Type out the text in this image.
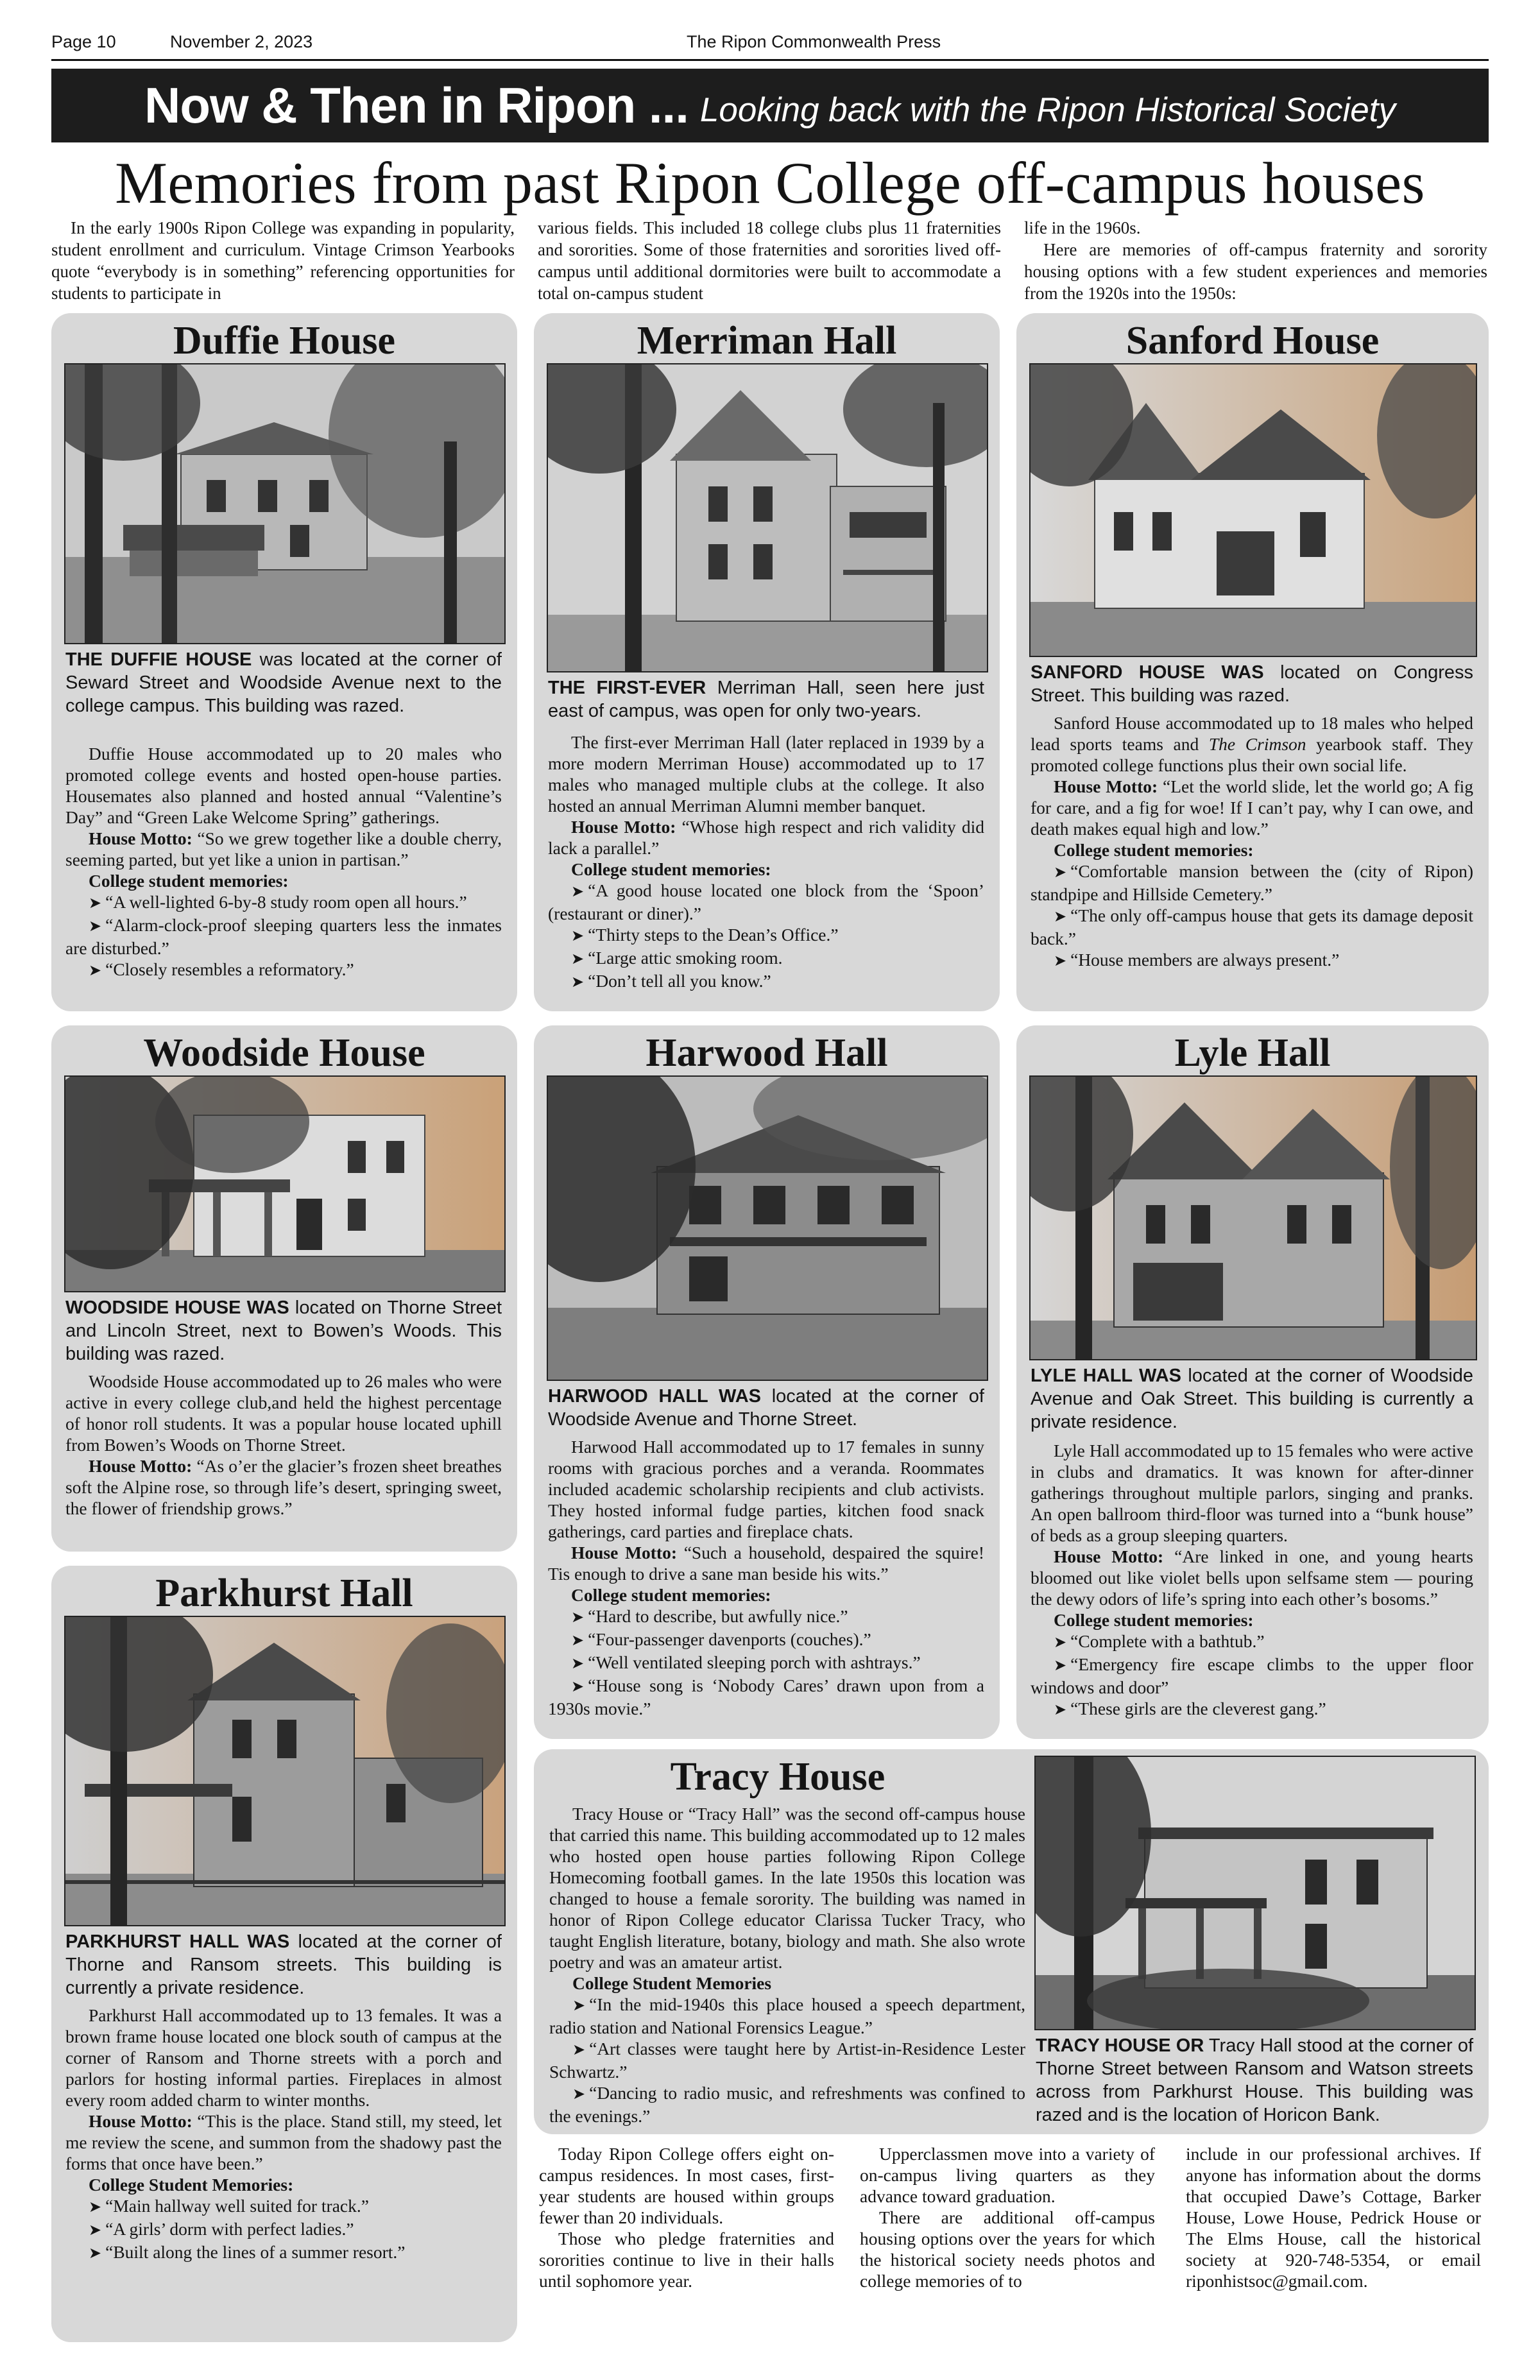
Page 10	November 2, 2023	The Ripon Commonwealth Press
Now & Then in Ripon ... Looking back with the Ripon Historical Society
Memories from past Ripon College off-campus houses

In the early 1900s Ripon College was expanding in popularity, student enrollment and curriculum. Vintage Crimson Yearbooks quote “everybody is in something” referencing opportunities for students to participate in

various fields. This included 18 college clubs plus 11 fraternities and sororities. Some of those fraternities and sororities lived off-campus until additional dormitories were built to accommodate a total on-campus student

life in the 1960s.

Here are memories of off-campus fraternity and sorority housing options with a few student experiences and memories from the 1920s into the 1950s:

Duffie House
THE DUFFIE HOUSE was located at the corner of Seward Street and Woodside Avenue next to the college campus. This building was razed.

Duffie House accommodated up to 20 males who promoted college events and hosted open-house parties. Housemates also planned and hosted annual “Valentine’s Day” and “Green Lake Welcome Spring” gatherings.

House Motto: “So we grew together like a double cherry, seeming parted, but yet like a union in partisan.”

College student memories:

➤ “A well-lighted 6-by-8 study room open all hours.”

➤ “Alarm-clock-proof sleeping quarters less the inmates are disturbed.”

➤ “Closely resembles a reformatory.”

Merriman Hall
THE FIRST-EVER Merriman Hall, seen here just east of campus, was open for only two-years.

The first-ever Merriman Hall (later replaced in 1939 by a more modern Merriman House) accommodated up to 17 males who managed multiple clubs at the college. It also hosted an annual Merriman Alumni member banquet.

House Motto: “Whose high respect and rich validity did lack a parallel.”

College student memories:

➤ “A good house located one block from the ‘Spoon’ (restaurant or diner).”

➤ “Thirty steps to the Dean’s Office.”

➤ “Large attic smoking room.

➤ “Don’t tell all you know.”

Sanford House
SANFORD HOUSE WAS located on Congress Street. This building was razed.

Sanford House accommodated up to 18 males who helped lead sports teams and The Crimson yearbook staff. They promoted college functions plus their own social life.

House Motto: “Let the world slide, let the world go; A fig for care, and a fig for woe! If I can’t pay, why I can owe, and death makes equal high and low.”

College student memories:

➤ “Comfortable mansion between the (city of Ripon) standpipe and Hillside Cemetery.”

➤ “The only off-campus house that gets its damage deposit back.”

➤ “House members are always present.”

Woodside House
WOODSIDE HOUSE WAS located on Thorne Street and Lincoln Street, next to Bowen’s Woods. This building was razed.

Woodside House accommodated up to 26 males who were active in every college club,and held the highest percentage of honor roll students. It was a popular house located uphill from Bowen’s Woods on Thorne Street.

House Motto: “As o’er the glacier’s frozen sheet breathes soft the Alpine rose, so through life’s desert, springing sweet, the flower of friendship grows.”

Harwood Hall
HARWOOD HALL WAS located at the corner of Woodside Avenue and Thorne Street.

Harwood Hall accommodated up to 17 females in sunny rooms with gracious porches and a veranda. Roommates included academic scholarship recipients and club activists. They hosted informal fudge parties, kitchen food snack gatherings, card parties and fireplace chats.

House Motto: “Such a household, despaired the squire! Tis enough to drive a sane man beside his wits.”

College student memories:

➤ “Hard to describe, but awfully nice.”

➤ “Four-passenger davenports (couches).”

➤ “Well ventilated sleeping porch with ashtrays.”

➤ “House song is ‘Nobody Cares’ drawn upon from a 1930s movie.”

Lyle Hall
LYLE HALL WAS located at the corner of Woodside Avenue and Oak Street. This building is currently a private residence.

Lyle Hall accommodated up to 15 females who were active in clubs and dramatics. It was known for after-dinner gatherings throughout multiple parlors, singing and pranks. An open ballroom third-floor was turned into a “bunk house” of beds as a group sleeping quarters.

House Motto: “Are linked in one, and young hearts bloomed out like violet bells upon selfsame stem — pouring the dewy odors of life’s spring into each other’s bosoms.”

College student memories:

➤ “Complete with a bathtub.”

➤ “Emergency fire escape climbs to the upper floor windows and door”

➤ “These girls are the cleverest gang.”

Parkhurst Hall
PARKHURST HALL WAS located at the corner of Thorne and Ransom streets. This building is currently a private residence.

Parkhurst Hall accommodated up to 13 females. It was a brown frame house located one block south of campus at the corner of Ransom and Thorne streets with a porch and parlors for hosting informal parties. Fireplaces in almost every room added charm to winter months.

House Motto: “This is the place. Stand still, my steed, let me review the scene, and summon from the shadowy past the forms that once have been.”

College Student Memories:

➤ “Main hallway well suited for track.”

➤ “A girls’ dorm with perfect ladies.”

➤ “Built along the lines of a summer resort.”

Tracy House

Tracy House or “Tracy Hall” was the second off-campus house that carried this name. This building accommodated up to 12 males who hosted open house parties following Ripon College Homecoming football games. In the late 1950s this location was changed to house a female sorority. The building was named in honor of Ripon College educator Clarissa Tucker Tracy, who taught English literature, botany, biology and math. She also wrote poetry and was an amateur artist.

College Student Memories

➤ “In the mid-1940s this place housed a speech department, radio station and National Forensics League.”

➤ “Art classes were taught here by Artist-in-Residence Lester Schwartz.”

➤ “Dancing to radio music, and refreshments was confined to the evenings.”

TRACY HOUSE OR Tracy Hall stood at the corner of Thorne Street between Ransom and Watson streets across from Parkhurst House. This building was razed and is the location of Horicon Bank.

Today Ripon College offers eight on-campus residences. In most cases, first-year students are housed within groups fewer than 20 individuals.

Those who pledge fraternities and sororities continue to live in their halls until sophomore year.

Upperclassmen move into a variety of on-campus living quarters as they advance toward graduation.

There are additional off-campus housing options over the years for which the historical society needs photos and college memories of to

include in our professional archives. If anyone has information about the dorms that occupied Dawe’s Cottage, Barker House, Lowe House, Pedrick House or The Elms House, call the historical society at 920-748-5354, or email riponhistsoc@gmail.com.
